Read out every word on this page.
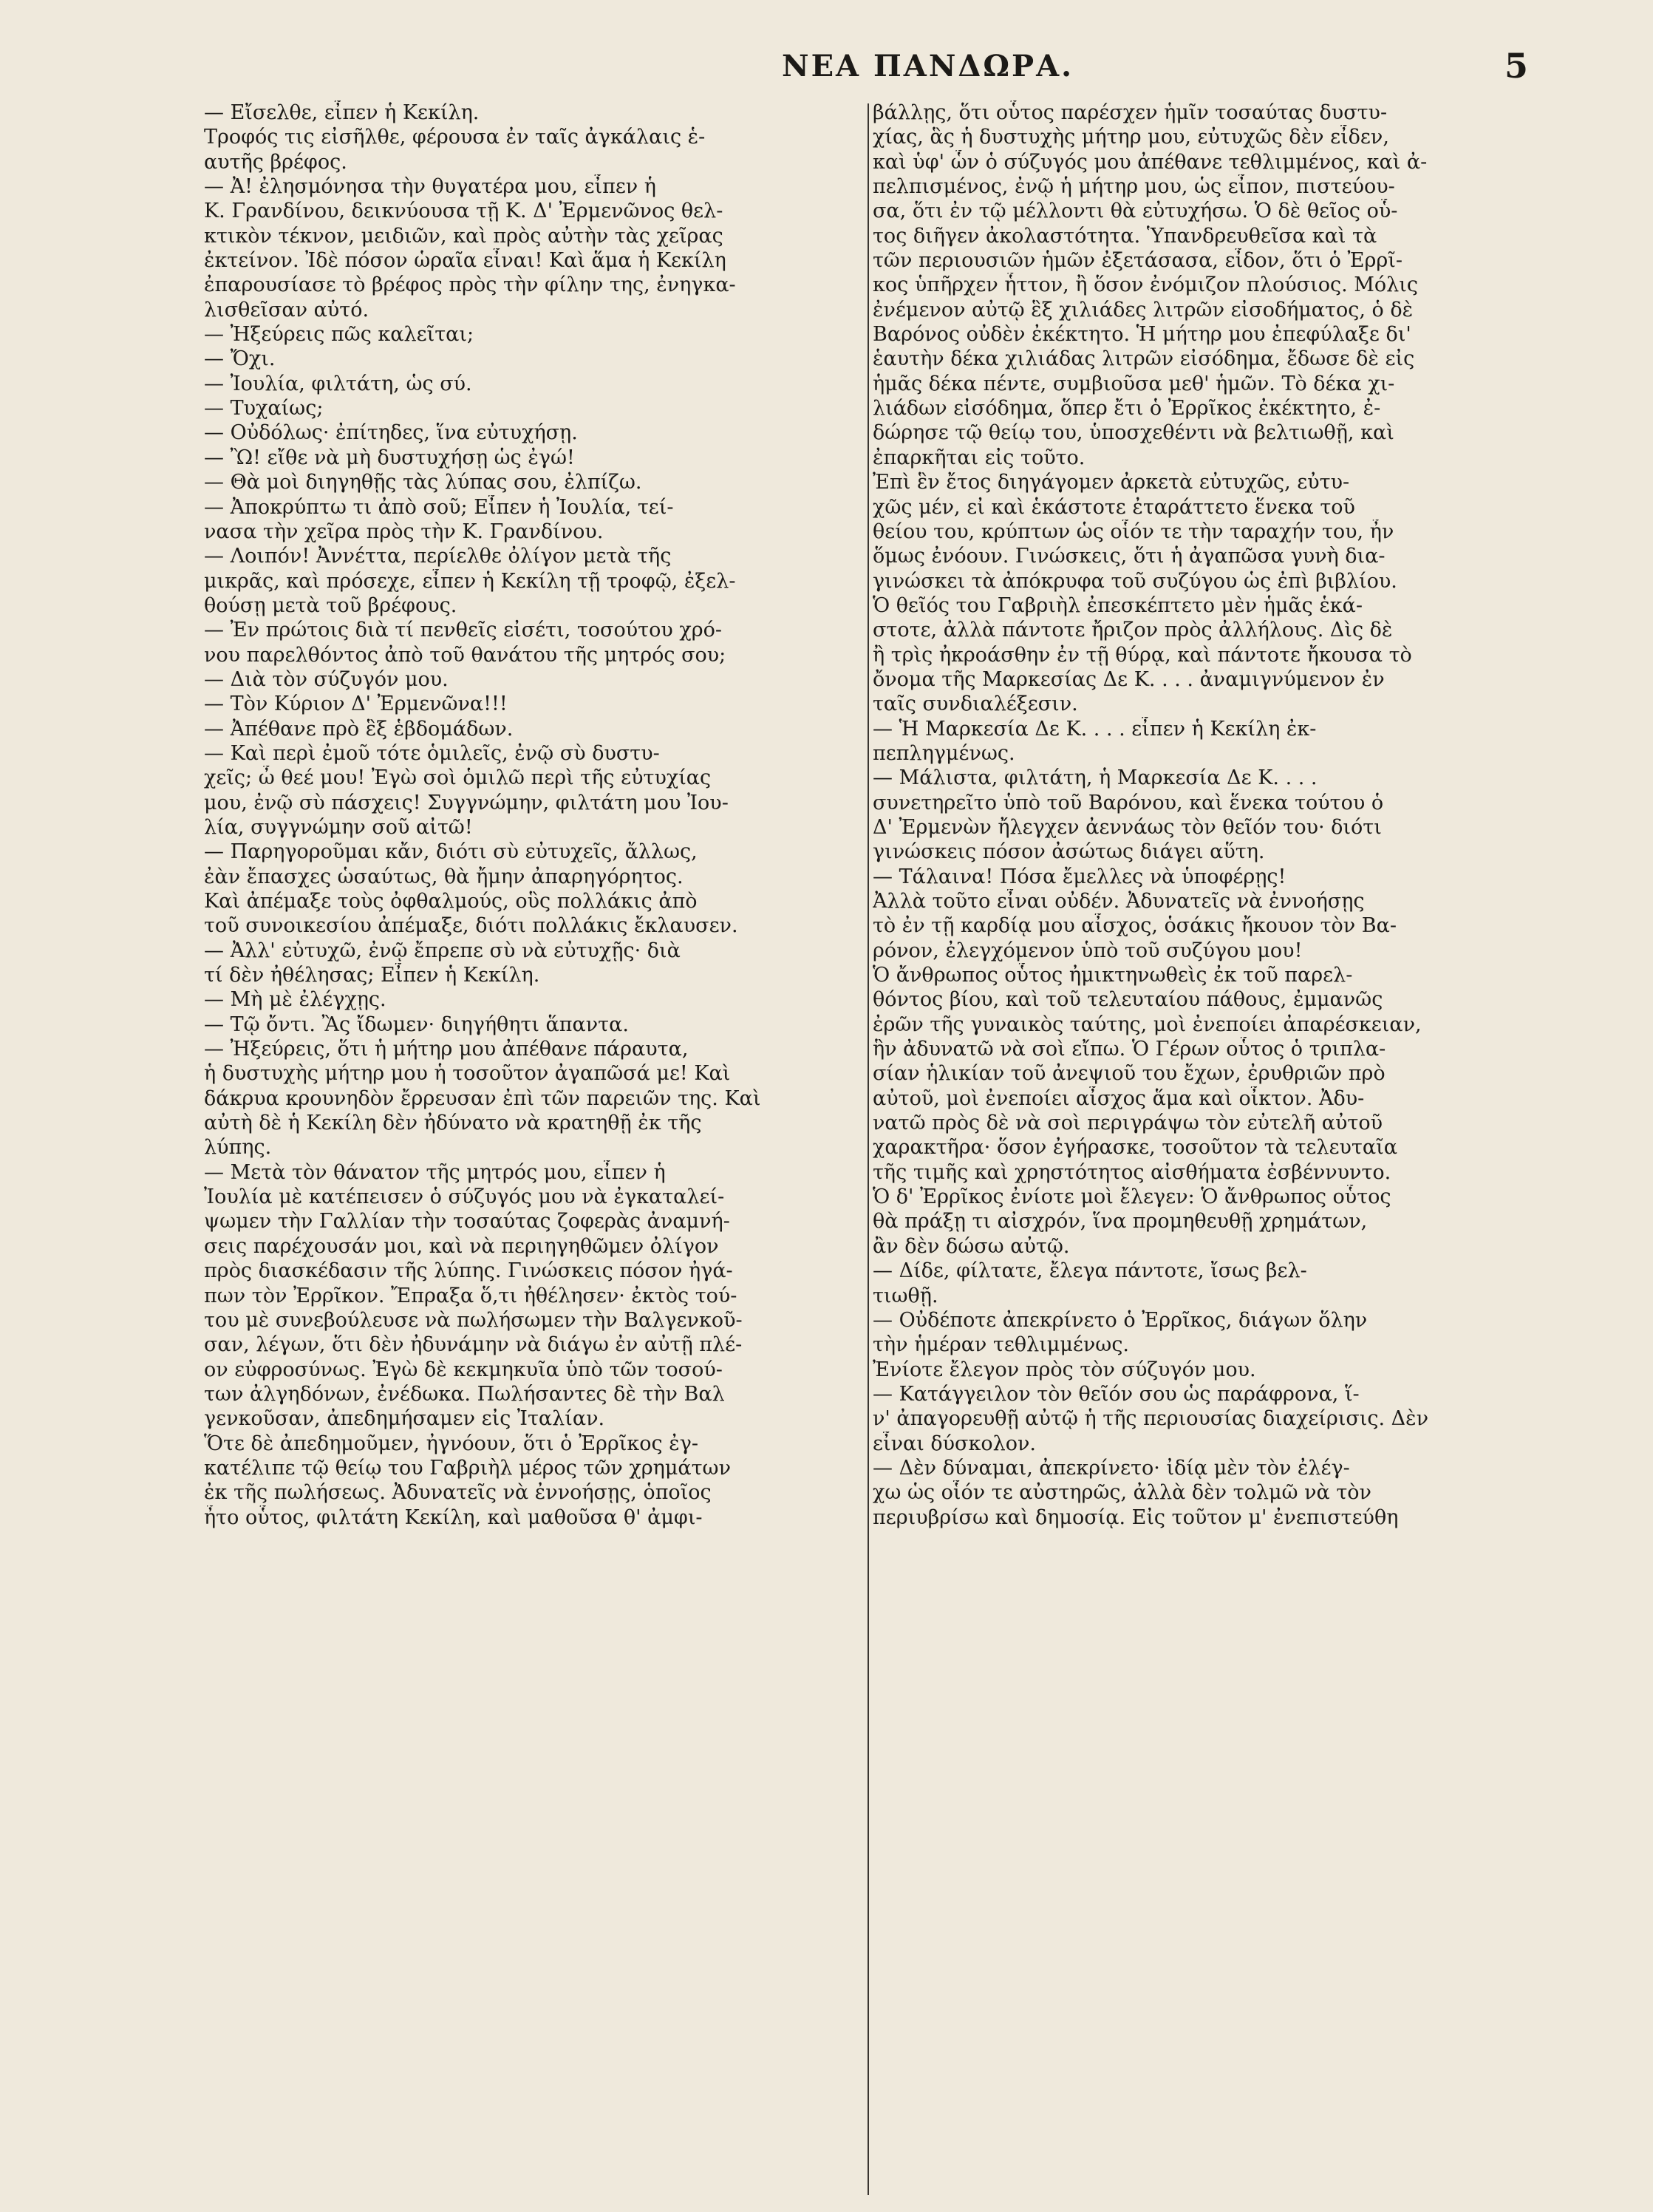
ΝΕΑ ΠΑΝΔΩΡΑ.	5
— Εἴσελθε, εἶπεν ἡ Κεκίλη.
Τροφός τις εἰσῆλθε, φέρουσα ἐν ταῖς ἀγκάλαις ἑ-
αυτῆς βρέφος.
— Ἀ! ἐλησμόνησα τὴν θυγατέρα μου, εἶπεν ἡ
Κ. Γρανδίνου, δεικνύουσα τῇ Κ. Δ' Ἐρμενῶνος θελ-
κτικὸν τέκνον, μειδιῶν, καὶ πρὸς αὐτὴν τὰς χεῖρας
ἐκτείνον. Ἰδὲ πόσον ὡραῖα εἶναι! Καὶ ἅμα ἡ Κεκίλη
ἐπαρουσίασε τὸ βρέφος πρὸς τὴν φίλην της, ἐνηγκα-
λισθεῖσαν αὐτό.
— Ἠξεύρεις πῶς καλεῖται;
— Ὄχι.
— Ἰουλία, φιλτάτη, ὡς σύ.
— Τυχαίως;
— Οὐδόλως· ἐπίτηδες, ἵνα εὐτυχήσῃ.
— Ὢ! εἴθε νὰ μὴ δυστυχήσῃ ὡς ἐγώ!
— Θὰ μοὶ διηγηθῇς τὰς λύπας σου, ἐλπίζω.
— Ἀποκρύπτω τι ἀπὸ σοῦ; Εἶπεν ἡ Ἰουλία, τεί-
νασα τὴν χεῖρα πρὸς τὴν Κ. Γρανδίνου.
— Λοιπόν! Ἀννέττα, περίελθε ὀλίγον μετὰ τῆς
μικρᾶς, καὶ πρόσεχε, εἶπεν ἡ Κεκίλη τῇ τροφῷ, ἐξελ-
θούσῃ μετὰ τοῦ βρέφους.
— Ἐν πρώτοις διὰ τί πενθεῖς εἰσέτι, τοσούτου χρό-
νου παρελθόντος ἀπὸ τοῦ θανάτου τῆς μητρός σου;
— Διὰ τὸν σύζυγόν μου.
— Τὸν Κύριον Δ' Ἐρμενῶνα!!!
— Ἀπέθανε πρὸ ἓξ ἑβδομάδων.
— Καὶ περὶ ἐμοῦ τότε ὁμιλεῖς, ἐνῷ σὺ δυστυ-
χεῖς; ὦ θεέ μου! Ἐγὼ σοὶ ὁμιλῶ περὶ τῆς εὐτυχίας
μου, ἐνῷ σὺ πάσχεις! Συγγνώμην, φιλτάτη μου Ἰου-
λία, συγγνώμην σοῦ αἰτῶ!
— Παρηγοροῦμαι κἄν, διότι σὺ εὐτυχεῖς, ἄλλως,
ἐὰν ἔπασχες ὡσαύτως, θὰ ἤμην ἀπαρηγόρητος.
Καὶ ἀπέμαξε τοὺς ὀφθαλμούς, οὓς πολλάκις ἀπὸ
τοῦ συνοικεσίου ἀπέμαξε, διότι πολλάκις ἔκλαυσεν.
— Ἀλλ' εὐτυχῶ, ἐνῷ ἔπρεπε σὺ νὰ εὐτυχῇς· διὰ
τί δὲν ἠθέλησας; Εἶπεν ἡ Κεκίλη.
— Μὴ μὲ ἐλέγχῃς.
— Τῷ ὄντι. Ἂς ἴδωμεν· διηγήθητι ἅπαντα.
— Ἠξεύρεις, ὅτι ἡ μήτηρ μου ἀπέθανε πάραυτα,
ἡ δυστυχὴς μήτηρ μου ἡ τοσοῦτον ἀγαπῶσά με! Καὶ
δάκρυα κρουνηδὸν ἔρρευσαν ἐπὶ τῶν παρειῶν της. Καὶ
αὐτὴ δὲ ἡ Κεκίλη δὲν ἠδύνατο νὰ κρατηθῇ ἐκ τῆς
λύπης.
— Μετὰ τὸν θάνατον τῆς μητρός μου, εἶπεν ἡ
Ἰουλία μὲ κατέπεισεν ὁ σύζυγός μου νὰ ἐγκαταλεί-
ψωμεν τὴν Γαλλίαν τὴν τοσαύτας ζοφερὰς ἀναμνή-
σεις παρέχουσάν μοι, καὶ νὰ περιηγηθῶμεν ὀλίγον
πρὸς διασκέδασιν τῆς λύπης. Γινώσκεις πόσον ἠγά-
πων τὸν Ἐρρῖκον. Ἔπραξα ὅ,τι ἠθέλησεν· ἐκτὸς τού-
του μὲ συνεβούλευσε νὰ πωλήσωμεν τὴν Βαλγενκοῦ-
σαν, λέγων, ὅτι δὲν ἠδυνάμην νὰ διάγω ἐν αὐτῇ πλέ-
ον εὐφροσύνως. Ἐγὼ δὲ κεκμηκυῖα ὑπὸ τῶν τοσού-
των ἀλγηδόνων, ἐνέδωκα. Πωλήσαντες δὲ τὴν Βαλ
γενκοῦσαν, ἀπεδημήσαμεν εἰς Ἰταλίαν.
Ὅτε δὲ ἀπεδημοῦμεν, ἠγνόουν, ὅτι ὁ Ἐρρῖκος ἐγ-
κατέλιπε τῷ θείῳ του Γαβριὴλ μέρος τῶν χρημάτων
ἐκ τῆς πωλήσεως. Ἀδυνατεῖς νὰ ἐννοήσῃς, ὁποῖος
ἦτο οὗτος, φιλτάτη Κεκίλη, καὶ μαθοῦσα θ' ἀμφι-
βάλλῃς, ὅτι οὗτος παρέσχεν ἡμῖν τοσαύτας δυστυ-
χίας, ἃς ἡ δυστυχὴς μήτηρ μου, εὐτυχῶς δὲν εἶδεν,
καὶ ὑφ' ὧν ὁ σύζυγός μου ἀπέθανε τεθλιμμένος, καὶ ἀ-
πελπισμένος, ἐνῷ ἡ μήτηρ μου, ὡς εἶπον, πιστεύου-
σα, ὅτι ἐν τῷ μέλλοντι θὰ εὐτυχήσω. Ὁ δὲ θεῖος οὗ-
τος διῆγεν ἀκολαστότητα. Ὑπανδρευθεῖσα καὶ τὰ
τῶν περιουσιῶν ἡμῶν ἐξετάσασα, εἶδον, ὅτι ὁ Ἐρρῖ-
κος ὑπῆρχεν ἧττον, ἢ ὅσον ἐνόμιζον πλούσιος. Μόλις
ἐνέμενον αὐτῷ ἓξ χιλιάδες λιτρῶν εἰσοδήματος, ὁ δὲ
Βαρόνος οὐδὲν ἐκέκτητο. Ἡ μήτηρ μου ἐπεφύλαξε δι'
ἑαυτὴν δέκα χιλιάδας λιτρῶν εἰσόδημα, ἔδωσε δὲ εἰς
ἡμᾶς δέκα πέντε, συμβιοῦσα μεθ' ἡμῶν. Τὸ δέκα χι-
λιάδων εἰσόδημα, ὅπερ ἔτι ὁ Ἐρρῖκος ἐκέκτητο, ἐ-
δώρησε τῷ θείῳ του, ὑποσχεθέντι νὰ βελτιωθῇ, καὶ
ἐπαρκῆται εἰς τοῦτο.
Ἐπὶ ἓν ἔτος διηγάγομεν ἀρκετὰ εὐτυχῶς, εὐτυ-
χῶς μέν, εἰ καὶ ἑκάστοτε ἐταράττετο ἕνεκα τοῦ
θείου του, κρύπτων ὡς οἷόν τε τὴν ταραχήν του, ἦν
ὅμως ἐνόουν. Γινώσκεις, ὅτι ἡ ἀγαπῶσα γυνὴ δια-
γινώσκει τὰ ἀπόκρυφα τοῦ συζύγου ὡς ἐπὶ βιβλίου.
Ὁ θεῖός του Γαβριὴλ ἐπεσκέπτετο μὲν ἡμᾶς ἑκά-
στοτε, ἀλλὰ πάντοτε ἤριζον πρὸς ἀλλήλους. Δὶς δὲ
ἢ τρὶς ἠκροάσθην ἐν τῇ θύρᾳ, καὶ πάντοτε ἤκουσα τὸ
ὄνομα τῆς Μαρκεσίας Δε Κ. . . . ἀναμιγνύμενον ἐν
ταῖς συνδιαλέξεσιν.
— Ἡ Μαρκεσία Δε Κ. . . . εἶπεν ἡ Κεκίλη ἐκ-
πεπληγμένως.
— Μάλιστα, φιλτάτη, ἡ Μαρκεσία Δε Κ. . . .
συνετηρεῖτο ὑπὸ τοῦ Βαρόνου, καὶ ἕνεκα τούτου ὁ
Δ' Ἐρμενὼν ἤλεγχεν ἀεννάως τὸν θεῖόν του· διότι
γινώσκεις πόσον ἀσώτως διάγει αὕτη.
— Τάλαινα! Πόσα ἔμελλες νὰ ὑποφέρῃς!
Ἀλλὰ τοῦτο εἶναι οὐδέν. Ἀδυνατεῖς νὰ ἐννοήσῃς
τὸ ἐν τῇ καρδίᾳ μου αἶσχος, ὁσάκις ἤκουον τὸν Βα-
ρόνον, ἐλεγχόμενον ὑπὸ τοῦ συζύγου μου!
Ὁ ἄνθρωπος οὗτος ἠμικτηνωθεὶς ἐκ τοῦ παρελ-
θόντος βίου, καὶ τοῦ τελευταίου πάθους, ἐμμανῶς
ἐρῶν τῆς γυναικὸς ταύτης, μοὶ ἐνεποίει ἀπαρέσκειαν,
ἣν ἀδυνατῶ νὰ σοὶ εἴπω. Ὁ Γέρων οὗτος ὁ τριπλα-
σίαν ἡλικίαν τοῦ ἀνεψιοῦ του ἔχων, ἐρυθριῶν πρὸ
αὐτοῦ, μοὶ ἐνεποίει αἶσχος ἅμα καὶ οἶκτον. Ἀδυ-
νατῶ πρὸς δὲ νὰ σοὶ περιγράψω τὸν εὐτελῆ αὐτοῦ
χαρακτῆρα· ὅσον ἐγήρασκε, τοσοῦτον τὰ τελευταῖα
τῆς τιμῆς καὶ χρηστότητος αἰσθήματα ἐσβέννυντο.
Ὁ δ' Ἐρρῖκος ἐνίοτε μοὶ ἔλεγεν: Ὁ ἄνθρωπος οὗτος
θὰ πράξῃ τι αἰσχρόν, ἵνα προμηθευθῇ χρημάτων,
ἂν δὲν δώσω αὐτῷ.
— Δίδε, φίλτατε, ἔλεγα πάντοτε, ἴσως βελ-
τιωθῇ.
— Οὐδέποτε ἀπεκρίνετο ὁ Ἐρρῖκος, διάγων ὅλην
τὴν ἡμέραν τεθλιμμένως.
Ἐνίοτε ἔλεγον πρὸς τὸν σύζυγόν μου.
— Κατάγγειλον τὸν θεῖόν σου ὡς παράφρονα, ἵ-
ν' ἀπαγορευθῇ αὐτῷ ἡ τῆς περιουσίας διαχείρισις. Δὲν
εἶναι δύσκολον.
— Δὲν δύναμαι, ἀπεκρίνετο· ἰδίᾳ μὲν τὸν ἐλέγ-
χω ὡς οἷόν τε αὐστηρῶς, ἀλλὰ δὲν τολμῶ νὰ τὸν
περιυβρίσω καὶ δημοσίᾳ. Εἰς τοῦτον μ' ἐνεπιστεύθη
